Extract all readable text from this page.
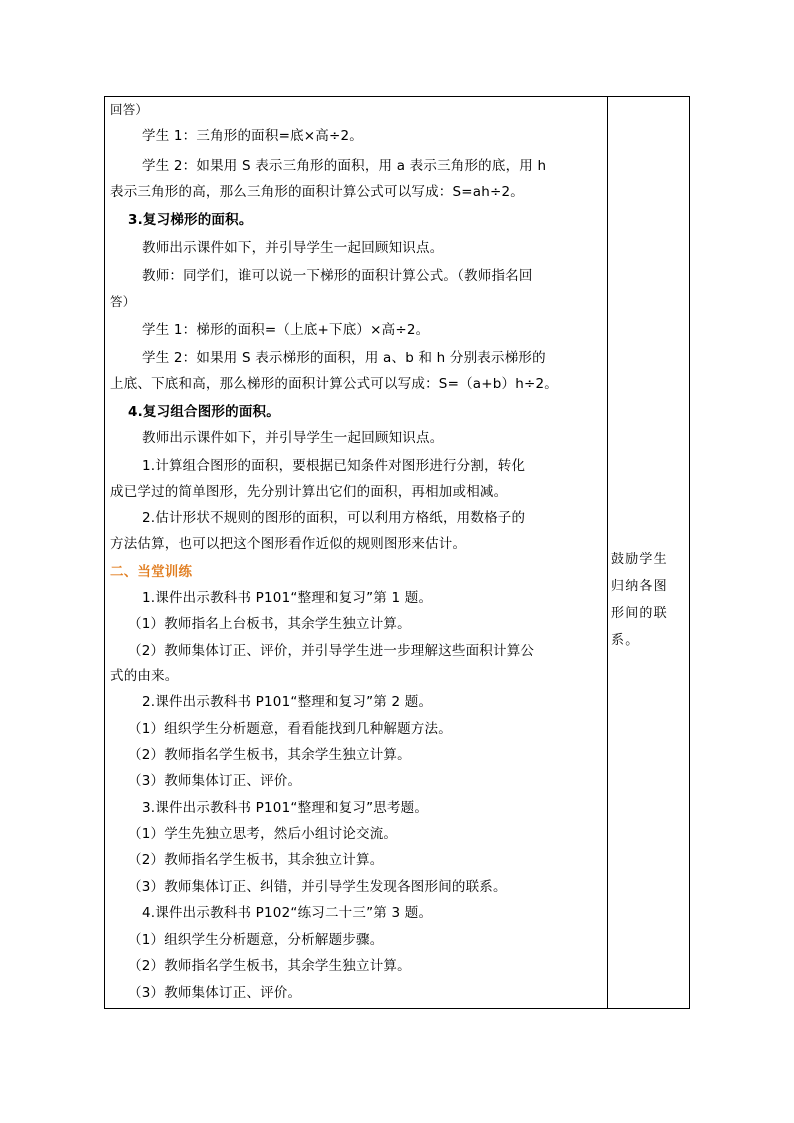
回答）
学生 1：三角形的面积=底×高÷2。
学生 2：如果用 S 表示三角形的面积，用 a 表示三角形的底，用 h
表示三角形的高，那么三角形的面积计算公式可以写成：S=ah÷2。
3.复习梯形的面积。
教师出示课件如下，并引导学生一起回顾知识点。
教师：同学们，谁可以说一下梯形的面积计算公式。（教师指名回
答）
学生 1：梯形的面积=（上底+下底）×高÷2。
学生 2：如果用 S 表示梯形的面积，用 a、b 和 h 分别表示梯形的
上底、下底和高，那么梯形的面积计算公式可以写成：S=（a+b）h÷2。
4.复习组合图形的面积。
教师出示课件如下，并引导学生一起回顾知识点。
1.计算组合图形的面积，要根据已知条件对图形进行分割，转化
成已学过的简单图形，先分别计算出它们的面积，再相加或相减。
2.估计形状不规则的图形的面积，可以利用方格纸，用数格子的
方法估算，也可以把这个图形看作近似的规则图形来估计。
二、当堂训练
1.课件出示教科书 P101“整理和复习”第 1 题。
（1）教师指名上台板书，其余学生独立计算。
（2）教师集体订正、评价，并引导学生进一步理解这些面积计算公
式的由来。
2.课件出示教科书 P101“整理和复习”第 2 题。
（1）组织学生分析题意，看看能找到几种解题方法。
（2）教师指名学生板书，其余学生独立计算。
（3）教师集体订正、评价。
3.课件出示教科书 P101“整理和复习”思考题。
（1）学生先独立思考，然后小组讨论交流。
（2）教师指名学生板书，其余独立计算。
（3）教师集体订正、纠错，并引导学生发现各图形间的联系。
4.课件出示教科书 P102“练习二十三”第 3 题。
（1）组织学生分析题意，分析解题步骤。
（2）教师指名学生板书，其余学生独立计算。
（3）教师集体订正、评价。
鼓励学生
归纳各图
形间的联
系。
